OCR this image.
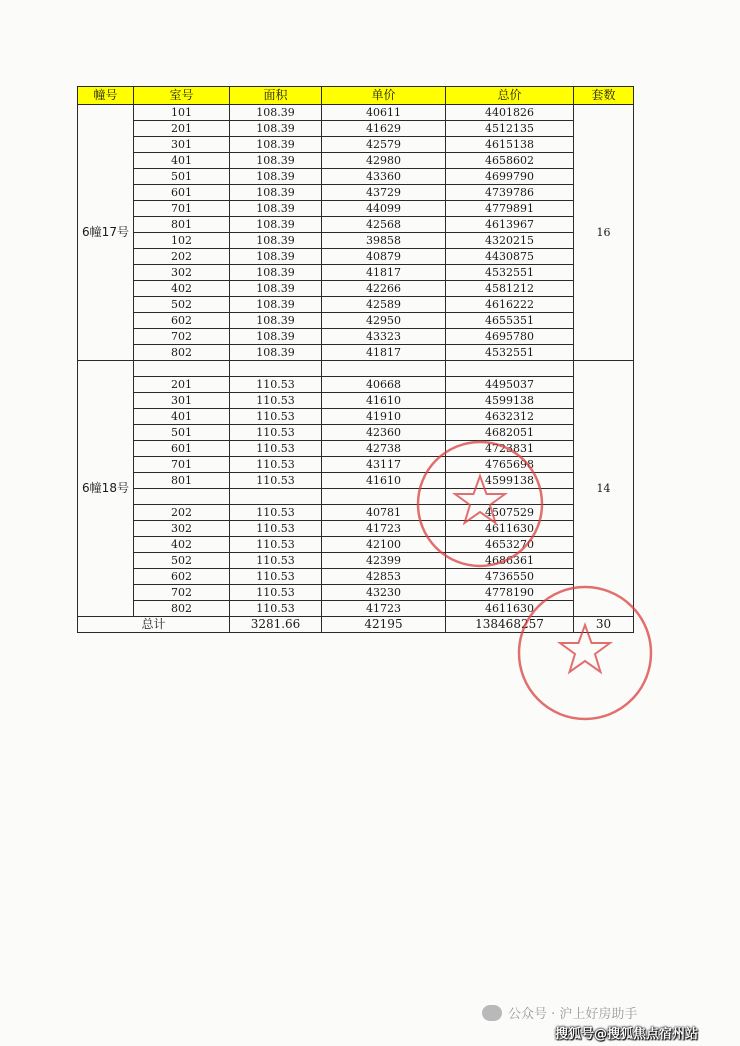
幢号	室号	面积	单价	总价	套数
6幢17号	101	108.39	40611	4401826	16
	201	108.39	41629	4512135	
	301	108.39	42579	4615138	
	401	108.39	42980	4658602	
	501	108.39	43360	4699790	
	601	108.39	43729	4739786	
	701	108.39	44099	4779891	
	801	108.39	42568	4613967	
	102	108.39	39858	4320215	
	202	108.39	40879	4430875	
	302	108.39	41817	4532551	
	402	108.39	42266	4581212	
	502	108.39	42589	4616222	
	602	108.39	42950	4655351	
	702	108.39	43323	4695780	
	802	108.39	41817	4532551	
6幢18号					14
	201	110.53	40668	4495037	
	301	110.53	41610	4599138	
	401	110.53	41910	4632312	
	501	110.53	42360	4682051	
	601	110.53	42738	4723831	
	701	110.53	43117	4765698	
	801	110.53	41610	4599138	

	202	110.53	40781	4507529	
	302	110.53	41723	4611630	
	402	110.53	42100	4653270	
	502	110.53	42399	4686361	
	602	110.53	42853	4736550	
	702	110.53	43230	4778190	
	802	110.53	41723	4611630	
总计		3281.66	42195	138468257	30
公众号 · 沪上好房助手
搜狐号@搜狐焦点宿州站
